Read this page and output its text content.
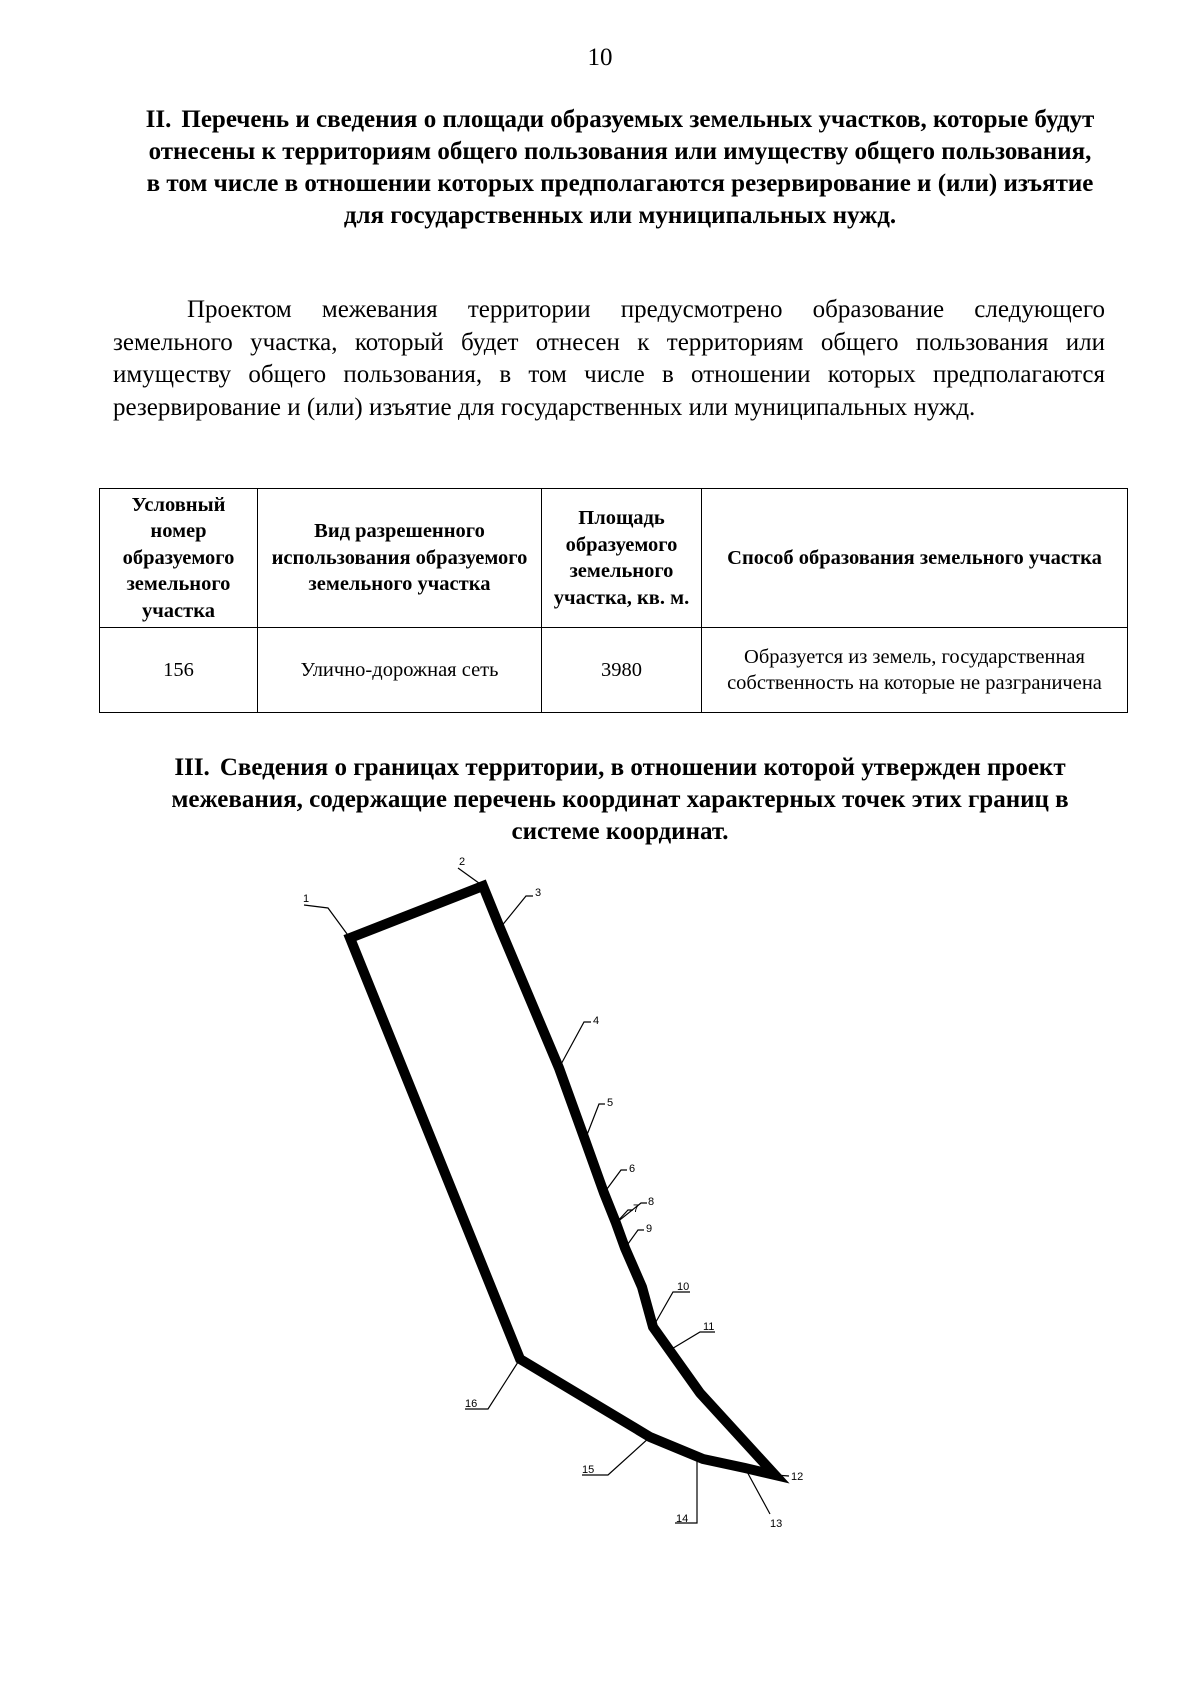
10
II. Перечень и сведения о площади образуемых земельных участков, которые будут отнесены к территориям общего пользования или имуществу общего пользования, в том числе в отношении которых предполагаются резервирование и (или) изъятие для государственных или муниципальных нужд.
Проектом межевания территории предусмотрено образование следующего земельного участка, который будет отнесен к территориям общего пользования или имуществу общего пользования, в том числе в отношении которых предполагаются резервирование и (или) изъятие для государственных или муниципальных нужд.
Условный номер образуемого земельного участка	Вид разрешенного использования образуемого земельного участка	Площадь образуемого земельного участка, кв. м.	Способ образования земельного участка
156	Улично-дорожная сеть	3980	Образуется из земель, государственная собственность на которые не разграничена
III. Сведения о границах территории, в отношении которой утвержден проект межевания, содержащие перечень координат характерных точек этих границ в системе координат.
1
2
3
4
5
6
7
8
9
10
11
12
13
14
15
16
